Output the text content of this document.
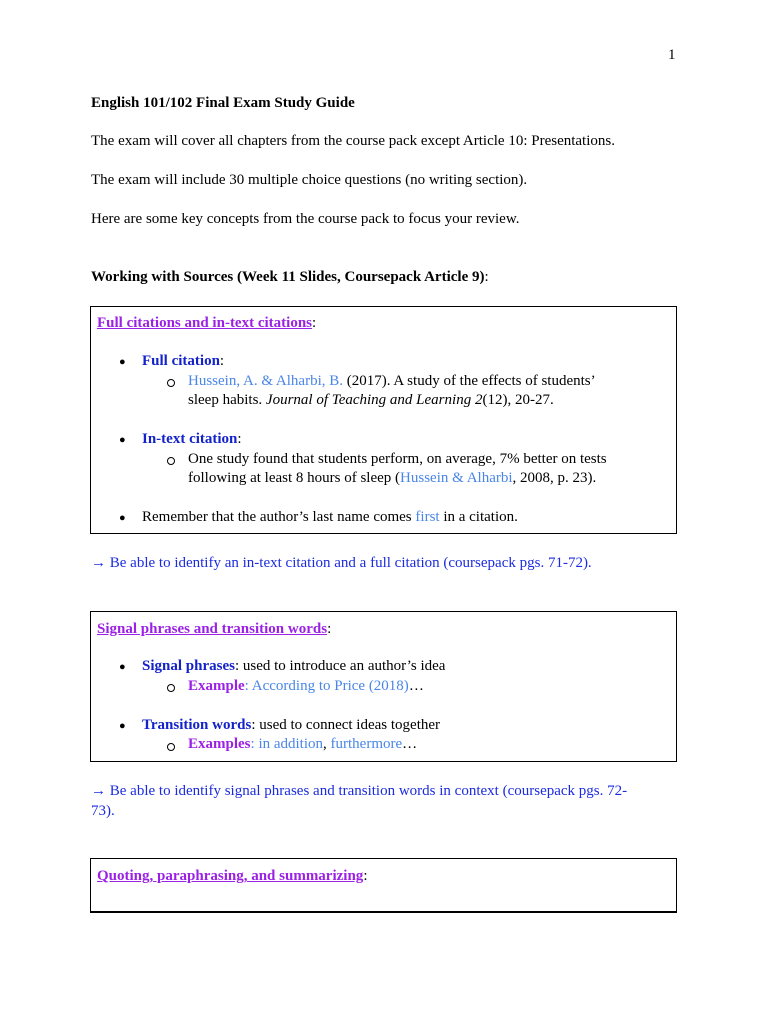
1
English 101/102 Final Exam Study Guide
The exam will cover all chapters from the course pack except Article 10: Presentations.
The exam will include 30 multiple choice questions (no writing section).
Here are some key concepts from the course pack to focus your review.
Working with Sources (Week 11 Slides, Coursepack Article 9):
Full citations and in-text citations:
● Full citation:
Hussein, A. & Alharbi, B. (2017). A study of the effects of students’
sleep habits. Journal of Teaching and Learning 2(12), 20-27.
● In-text citation:
One study found that students perform, on average, 7% better on tests
following at least 8 hours of sleep (Hussein & Alharbi, 2008, p. 23).
● Remember that the author’s last name comes first in a citation.
→ Be able to identify an in-text citation and a full citation (coursepack pgs. 71-72).
Signal phrases and transition words:
● Signal phrases: used to introduce an author’s idea
Example: According to Price (2018)…
● Transition words: used to connect ideas together
Examples: in addition, furthermore…
→ Be able to identify signal phrases and transition words in context (coursepack pgs. 72-
73).
Quoting, paraphrasing, and summarizing:
